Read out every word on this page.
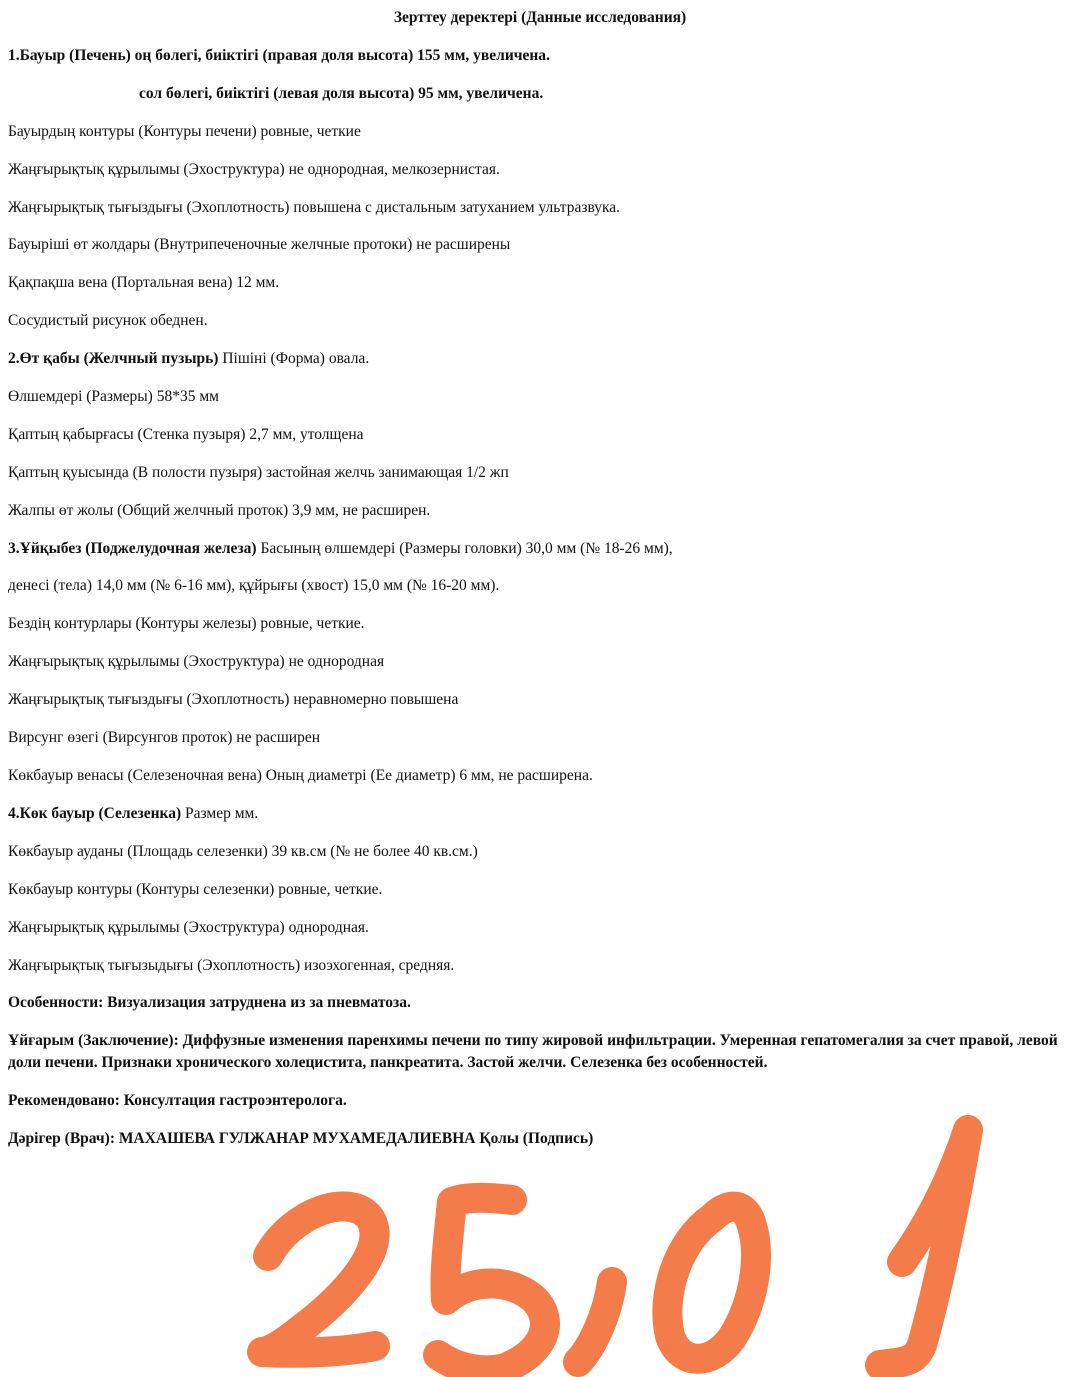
Зерттеу деректері (Данные исследования)
1.Бауыр (Печень) оң бөлегі, биіктігі (правая доля высота) 155 мм, увеличена.
сол бөлегі, биіктігі (левая доля высота) 95 мм, увеличена.
Бауырдың контуры (Контуры печени) ровные, четкие
Жаңғырықтық құрылымы (Эхоструктура) не однородная, мелкозернистая.
Жаңғырықтық тығыздығы (Эхоплотность) повышена с дистальным затуханием ультразвука.
Бауырішi өт жолдары (Внутрипеченочные желчные протоки) не расширены
Қақпақша вена (Портальная вена) 12 мм.
Сосудистый рисунок обеднен.
2.Өт қабы (Желчный пузырь) Пішіні (Форма) овала.
Өлшемдері (Размеры) 58*35 мм
Қаптың қабырғасы (Стенка пузыря) 2,7 мм, утолщена
Қаптың қуысында (В полости пузыря) застойная желчь занимающая 1/2 жп
Жалпы өт жолы (Общий желчный проток) 3,9 мм, не расширен.
3.Ұйқыбез (Поджелудочная железа) Басының өлшемдері (Размеры головки) 30,0 мм (№ 18-26 мм),
денесі (тела) 14,0 мм (№ 6-16 мм), құйрығы (хвост) 15,0 мм (№ 16-20 мм).
Бездің контурлары (Контуры железы) ровные, четкие.
Жаңғырықтық құрылымы (Эхоструктура) не однородная
Жаңғырықтық тығыздығы (Эхоплотность) неравномерно повышена
Вирсунг өзегі (Вирсунгов проток) не расширен
Көкбауыр венасы (Селезеночная вена) Оның диаметрі (Ее диаметр) 6 мм, не расширена.
4.Көк бауыр (Селезенка) Размер мм.
Көкбауыр ауданы (Площадь селезенки) 39 кв.см (№ не более 40 кв.см.)
Көкбауыр контуры (Контуры селезенки) ровные, четкие.
Жаңғырықтық құрылымы (Эхоструктура) однородная.
Жаңғырықтық тығызыдығы (Эхоплотность) изоэхогенная, средняя.
Особенности: Визуализация затруднена из за пневматоза.
Ұйғарым (Заключение): Диффузные изменения паренхимы печени по типу жировой инфильтрации. Умеренная гепатомегалия за счет правой, левой доли печени. Признаки хронического холецистита, панкреатита. Застой желчи. Селезенка без особенностей.
Рекомендовано: Консултация гастроэнтеролога.
Дәрігер (Врач): МАХАШЕВА ГУЛЖАНАР МУХАМЕДАЛИЕВНА Қолы (Подпись)
